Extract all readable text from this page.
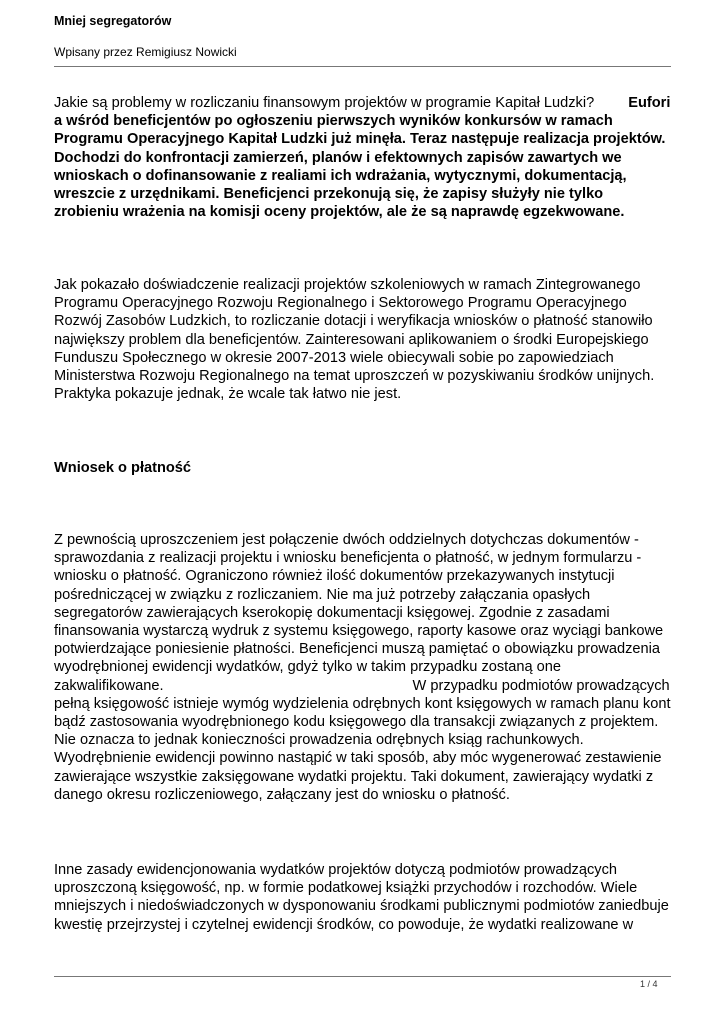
Mniej segregatorów
Wpisany przez Remigiusz Nowicki
Jakie są problemy w rozliczaniu finansowym projektów w programie Kapitał Ludzki? Eufori a wśród beneficjentów po ogłoszeniu pierwszych wyników konkursów w ramach Programu Operacyjnego Kapitał Ludzki już minęła. Teraz następuje realizacja projektów. Dochodzi do konfrontacji zamierzeń, planów i efektownych zapisów zawartych we wnioskach o dofinansowanie z realiami ich wdrażania, wytycznymi, dokumentacją, wreszcie z urzędnikami. Beneficjenci przekonują się, że zapisy służyły nie tylko zrobieniu wrażenia na komisji oceny projektów, ale że są naprawdę egzekwowane.
Jak pokazało doświadczenie realizacji projektów szkoleniowych w ramach Zintegrowanego Programu Operacyjnego Rozwoju Regionalnego i Sektorowego Programu Operacyjnego Rozwój Zasobów Ludzkich, to rozliczanie dotacji i weryfikacja wniosków o płatność stanowiło największy problem dla beneficjentów. Zainteresowani aplikowaniem o środki Europejskiego Funduszu Społecznego w okresie 2007-2013 wiele obiecywali sobie po zapowiedziach Ministerstwa Rozwoju Regionalnego na temat uproszczeń w pozyskiwaniu środków unijnych. Praktyka pokazuje jednak, że wcale tak łatwo nie jest.
Wniosek o płatność
Z pewnością uproszczeniem jest połączenie dwóch oddzielnych dotychczas dokumentów - sprawozdania z realizacji projektu i wniosku beneficjenta o płatność, w jednym formularzu - wniosku o płatność. Ograniczono również ilość dokumentów przekazywanych instytucji pośredniczącej w związku z rozliczaniem. Nie ma już potrzeby załączania opasłych segregatorów zawierających kserokopię dokumentacji księgowej. Zgodnie z zasadami finansowania wystarczą wydruk z systemu księgowego, raporty kasowe oraz wyciągi bankowe potwierdzające poniesienie płatności. Beneficjenci muszą pamiętać o obowiązku prowadzenia wyodrębnionej ewidencji wydatków, gdyż tylko w takim przypadku zostaną one zakwalifikowane.	W przypadku podmiotów prowadzących pełną księgowość istnieje wymóg wydzielenia odrębnych kont księgowych w ramach planu kont bądź zastosowania wyodrębnionego kodu księgowego dla transakcji związanych z projektem. Nie oznacza to jednak konieczności prowadzenia odrębnych ksiąg rachunkowych. Wyodrębnienie ewidencji powinno nastąpić w taki sposób, aby móc wygenerować zestawienie zawierające wszystkie zaksięgowane wydatki projektu. Taki dokument, zawierający wydatki z danego okresu rozliczeniowego, załączany jest do wniosku o płatność.
Inne zasady ewidencjonowania wydatków projektów dotyczą podmiotów prowadzących uproszczoną księgowość, np. w formie podatkowej książki przychodów i rozchodów. Wiele mniejszych i niedoświadczonych w dysponowaniu środkami publicznymi podmiotów zaniedbuje kwestię przejrzystej i czytelnej ewidencji środków, co powoduje, że wydatki realizowane w
1 / 4
